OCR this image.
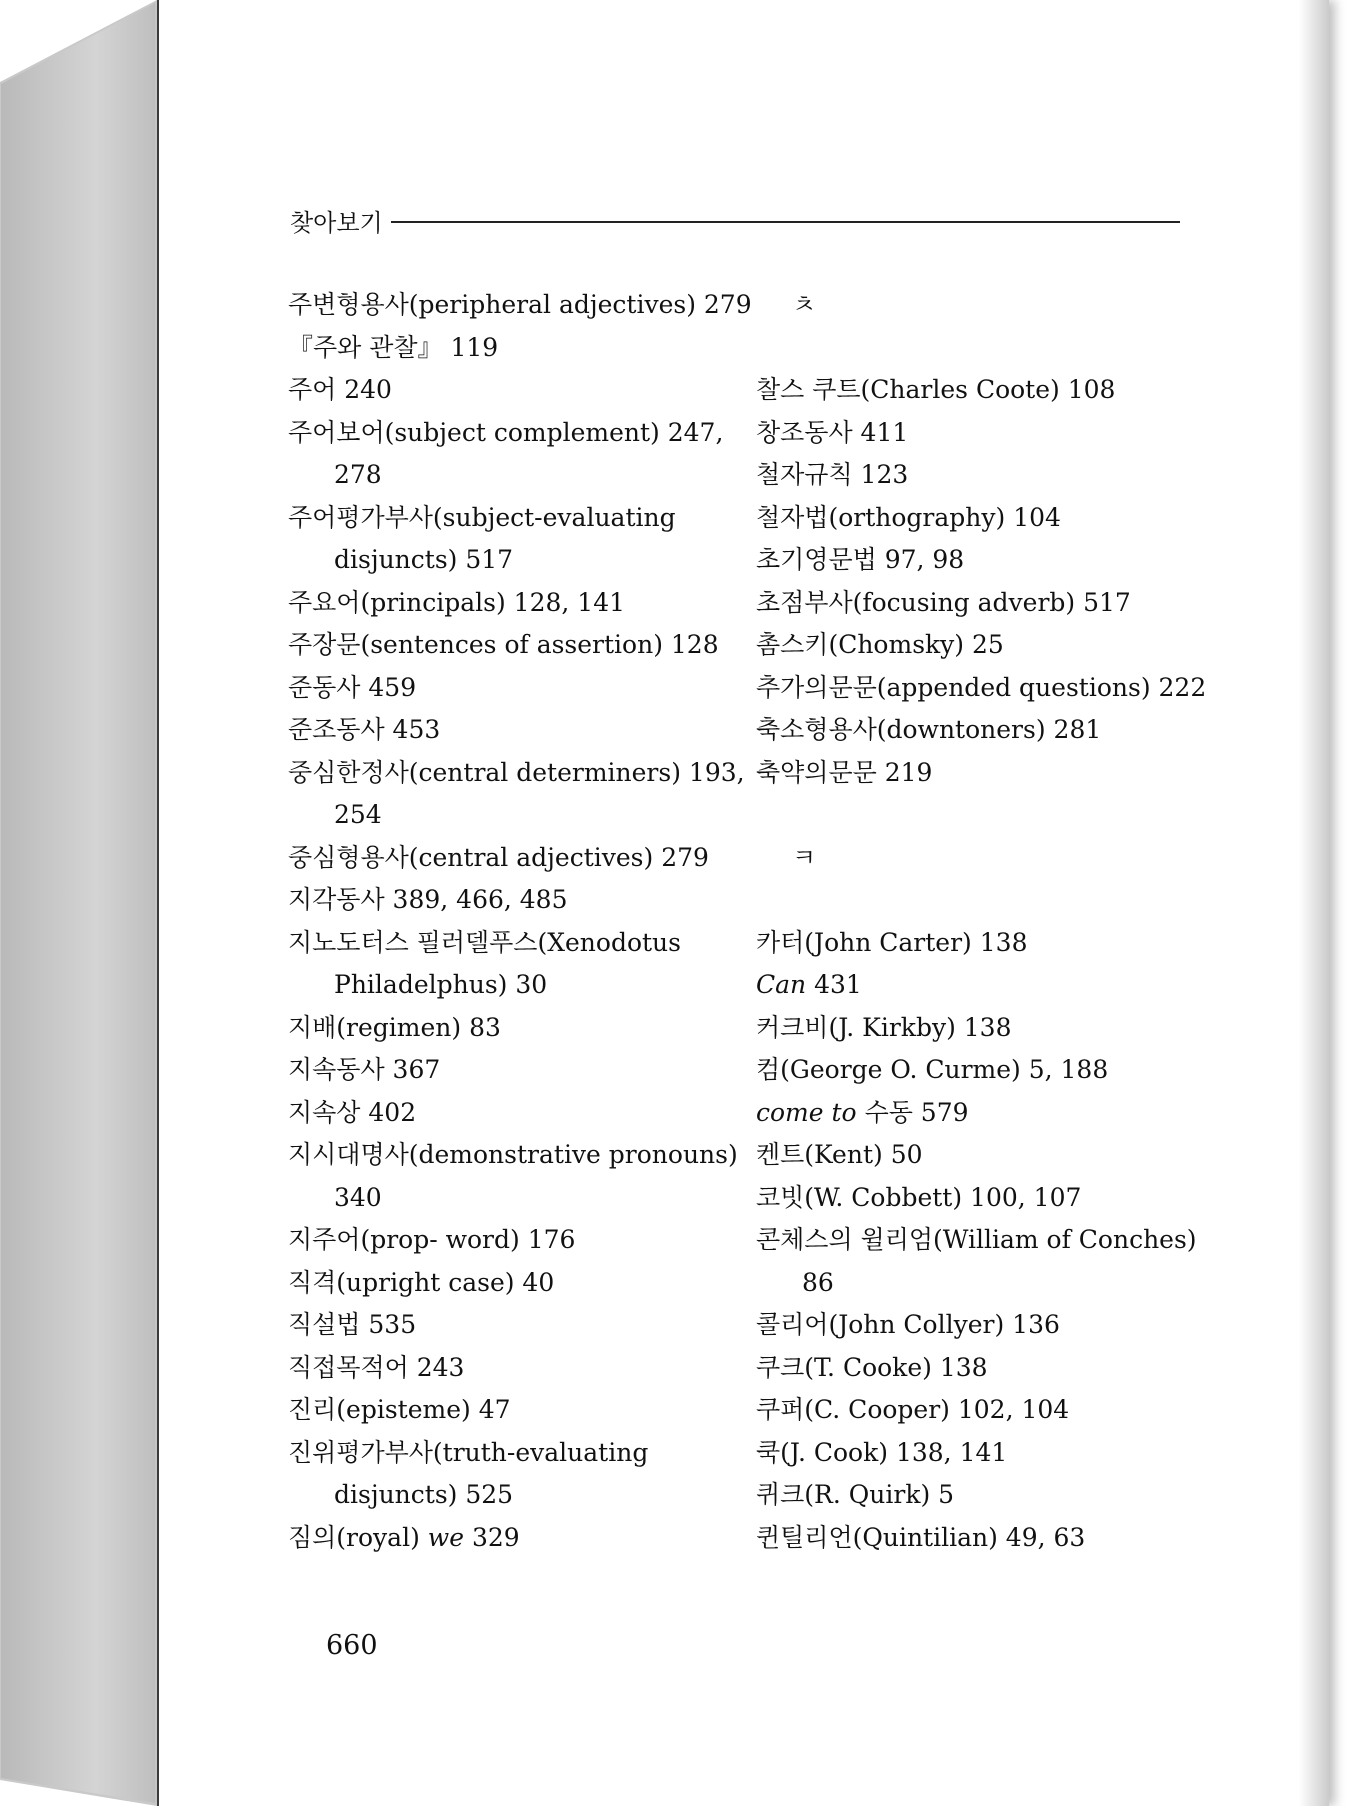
찾아보기
주변형용사(peripheral adjectives) 279
『주와 관찰』 119
주어 240
주어보어(subject complement) 247,
278
주어평가부사(subject-evaluating
disjuncts) 517
주요어(principals) 128, 141
주장문(sentences of assertion) 128
준동사 459
준조동사 453
중심한정사(central determiners) 193,
254
중심형용사(central adjectives) 279
지각동사 389, 466, 485
지노도터스 필러델푸스(Xenodotus
Philadelphus) 30
지배(regimen) 83
지속동사 367
지속상 402
지시대명사(demonstrative pronouns)
340
지주어(prop- word) 176
직격(upright case) 40
직설법 535
직접목적어 243
진리(episteme) 47
진위평가부사(truth-evaluating
disjuncts) 525
짐의(royal) we 329
ㅊ
찰스 쿠트(Charles Coote) 108
창조동사 411
철자규칙 123
철자법(orthography) 104
초기영문법 97, 98
초점부사(focusing adverb) 517
촘스키(Chomsky) 25
추가의문문(appended questions) 222
축소형용사(downtoners) 281
축약의문문 219
ㅋ
카터(John Carter) 138
Can 431
커크비(J. Kirkby) 138
컴(George O. Curme) 5, 188
come to 수동 579
켄트(Kent) 50
코빗(W. Cobbett) 100, 107
콘체스의 윌리엄(William of Conches)
86
콜리어(John Collyer) 136
쿠크(T. Cooke) 138
쿠퍼(C. Cooper) 102, 104
쿡(J. Cook) 138, 141
퀴크(R. Quirk) 5
퀸틸리언(Quintilian) 49, 63
660
